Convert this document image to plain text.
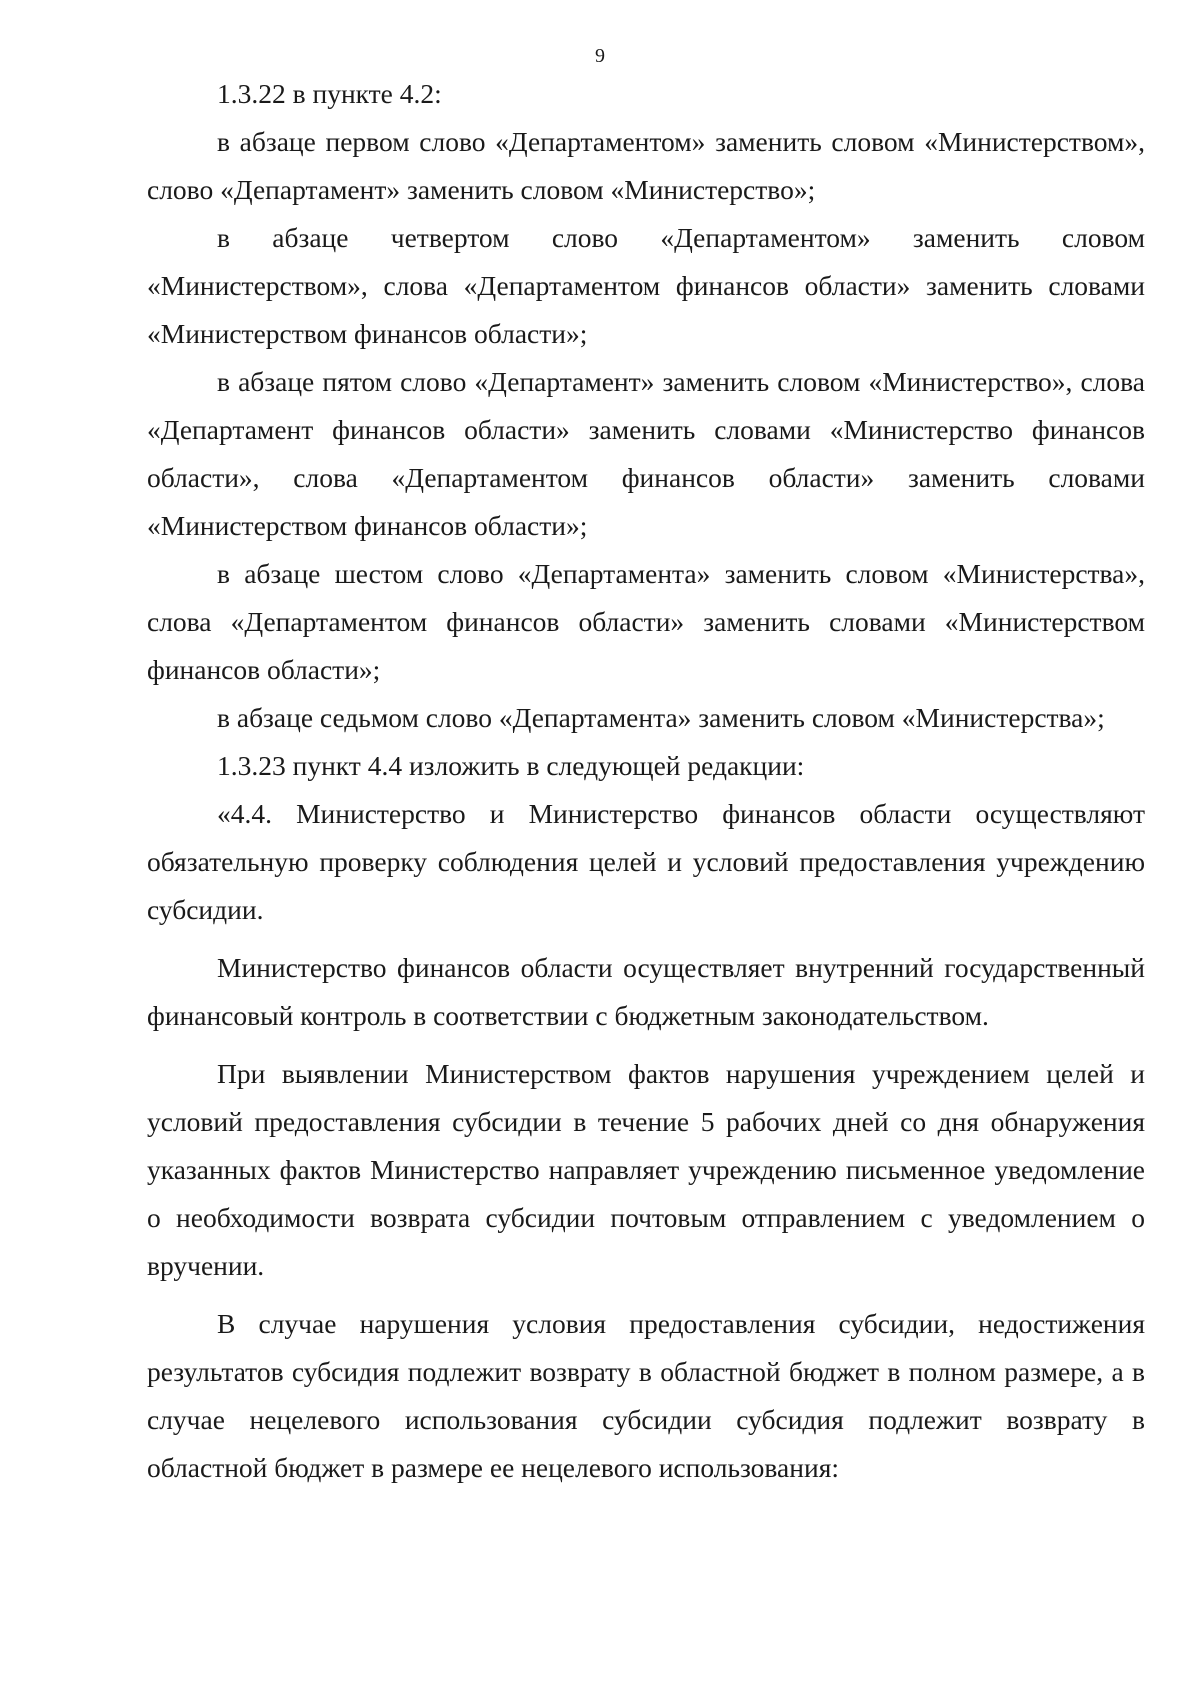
9

1.3.22 в пункте 4.2:

в абзаце первом слово «Департаментом» заменить словом «Министерством», слово «Департамент» заменить словом «Министерство»;

в абзаце четвертом слово «Департаментом» заменить словом «Министерством», слова «Департаментом финансов области» заменить словами «Министерством финансов области»;

в абзаце пятом слово «Департамент» заменить словом «Министерство», слова «Департамент финансов области» заменить словами «Министерство финансов области», слова «Департаментом финансов области» заменить словами «Министерством финансов области»;

в абзаце шестом слово «Департамента» заменить словом «Министерства», слова «Департаментом финансов области» заменить словами «Министерством финансов области»;

в абзаце седьмом слово «Департамента» заменить словом «Министерства»;

1.3.23 пункт 4.4 изложить в следующей редакции:

«4.4. Министерство и Министерство финансов области осуществляют обязательную проверку соблюдения целей и условий предоставления учреждению субсидии.

Министерство финансов области осуществляет внутренний государственный финансовый контроль в соответствии с бюджетным законодательством.

При выявлении Министерством фактов нарушения учреждением целей и условий предоставления субсидии в течение 5 рабочих дней со дня обнаружения указанных фактов Министерство направляет учреждению письменное уведомление о необходимости возврата субсидии почтовым отправлением с уведомлением о вручении.

В случае нарушения условия предоставления субсидии, недостижения результатов субсидия подлежит возврату в областной бюджет в полном размере, а в случае нецелевого использования субсидии субсидия подлежит возврату в областной бюджет в размере ее нецелевого использования:
